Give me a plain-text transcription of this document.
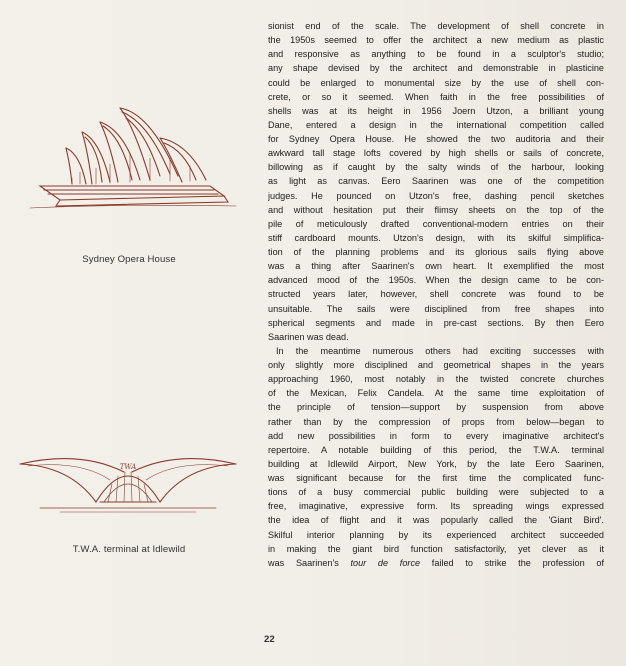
Sydney Opera House
TWA
T.W.A. terminal at Idlewild
sionist end of the scale. The development of shell concrete in
the 1950s seemed to offer the architect a new medium as plastic
and responsive as anything to be found in a sculptor's studio;
any shape devised by the architect and demonstrable in plasticine
could be enlarged to monumental size by the use of shell con-
crete, or so it seemed. When faith in the free possibilities of
shells was at its height in 1956 Joern Utzon, a brilliant young
Dane, entered a design in the international competition called
for Sydney Opera House. He showed the two auditoria and their
awkward tall stage lofts covered by high shells or sails of concrete,
billowing as if caught by the salty winds of the harbour, looking
as light as canvas. Eero Saarinen was one of the competition
judges. He pounced on Utzon's free, dashing pencil sketches
and without hesitation put their flimsy sheets on the top of the
pile of meticulously drafted conventional-modern entries on their
stiff cardboard mounts. Utzon's design, with its skilful simplifica-
tion of the planning problems and its glorious sails flying above
was a thing after Saarinen's own heart. It exemplified the most
advanced mood of the 1950s. When the design came to be con-
structed years later, however, shell concrete was found to be
unsuitable. The sails were disciplined from free shapes into
spherical segments and made in pre-cast sections. By then Eero
Saarinen was dead.
In the meantime numerous others had exciting successes with
only slightly more disciplined and geometrical shapes in the years
approaching 1960, most notably in the twisted concrete churches
of the Mexican, Felix Candela. At the same time exploitation of
the principle of tension—support by suspension from above
rather than by the compression of props from below—began to
add new possibilities in form to every imaginative architect's
repertoire. A notable building of this period, the T.W.A. terminal
building at Idlewild Airport, New York, by the late Eero Saarinen,
was significant because for the first time the complicated func-
tions of a busy commercial public building were subjected to a
free, imaginative, expressive form. Its spreading wings expressed
the idea of flight and it was popularly called the 'Giant Bird'.
Skilful interior planning by its experienced architect succeeded
in making the giant bird function satisfactorily, yet clever as it
was Saarinen's tour de force failed to strike the profession of
22
